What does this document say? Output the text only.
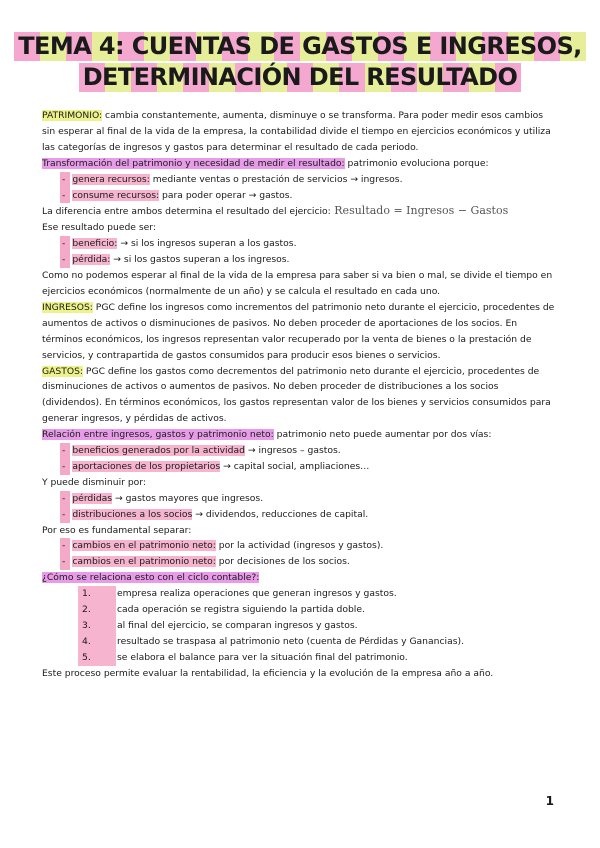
TEMA 4: CUENTAS DE GASTOS E INGRESOS,
DETERMINACIÓN DEL RESULTADO

PATRIMONIO: cambia constantemente, aumenta, disminuye o se transforma. Para poder medir esos cambios sin esperar al final de la vida de la empresa, la contabilidad divide el tiempo en ejercicios económicos y utiliza las categorías de ingresos y gastos para determinar el resultado de cada periodo.

Transformación del patrimonio y necesidad de medir el resultado: patrimonio evoluciona porque:

- genera recursos: mediante ventas o prestación de servicios → ingresos.

- consume recursos: para poder operar → gastos.

La diferencia entre ambos determina el resultado del ejercicio: Resultado = Ingresos − Gastos

Ese resultado puede ser:

- beneficio: → si los ingresos superan a los gastos.

- pérdida: → si los gastos superan a los ingresos.

Como no podemos esperar al final de la vida de la empresa para saber si va bien o mal, se divide el tiempo en ejercicios económicos (normalmente de un año) y se calcula el resultado en cada uno.

INGRESOS: PGC define los ingresos como incrementos del patrimonio neto durante el ejercicio, procedentes de aumentos de activos o disminuciones de pasivos. No deben proceder de aportaciones de los socios. En términos económicos, los ingresos representan valor recuperado por la venta de bienes o la prestación de servicios, y contrapartida de gastos consumidos para producir esos bienes o servicios.

GASTOS: PGC define los gastos como decrementos del patrimonio neto durante el ejercicio, procedentes de disminuciones de activos o aumentos de pasivos. No deben proceder de distribuciones a los socios (dividendos). En términos económicos, los gastos representan valor de los bienes y servicios consumidos para generar ingresos, y pérdidas de activos.

Relación entre ingresos, gastos y patrimonio neto: patrimonio neto puede aumentar por dos vías:

- beneficios generados por la actividad → ingresos – gastos.

- aportaciones de los propietarios → capital social, ampliaciones…

Y puede disminuir por:

- pérdidas → gastos mayores que ingresos.

- distribuciones a los socios → dividendos, reducciones de capital.

Por eso es fundamental separar:

- cambios en el patrimonio neto: por la actividad (ingresos y gastos).

- cambios en el patrimonio neto: por decisiones de los socios.

¿Cómo se relaciona esto con el ciclo contable?:

1.	empresa realiza operaciones que generan ingresos y gastos.

2.	cada operación se registra siguiendo la partida doble.

3.	al final del ejercicio, se comparan ingresos y gastos.

4.	resultado se traspasa al patrimonio neto (cuenta de Pérdidas y Ganancias).

5.	se elabora el balance para ver la situación final del patrimonio.

Este proceso permite evaluar la rentabilidad, la eficiencia y la evolución de la empresa año a año.

1
